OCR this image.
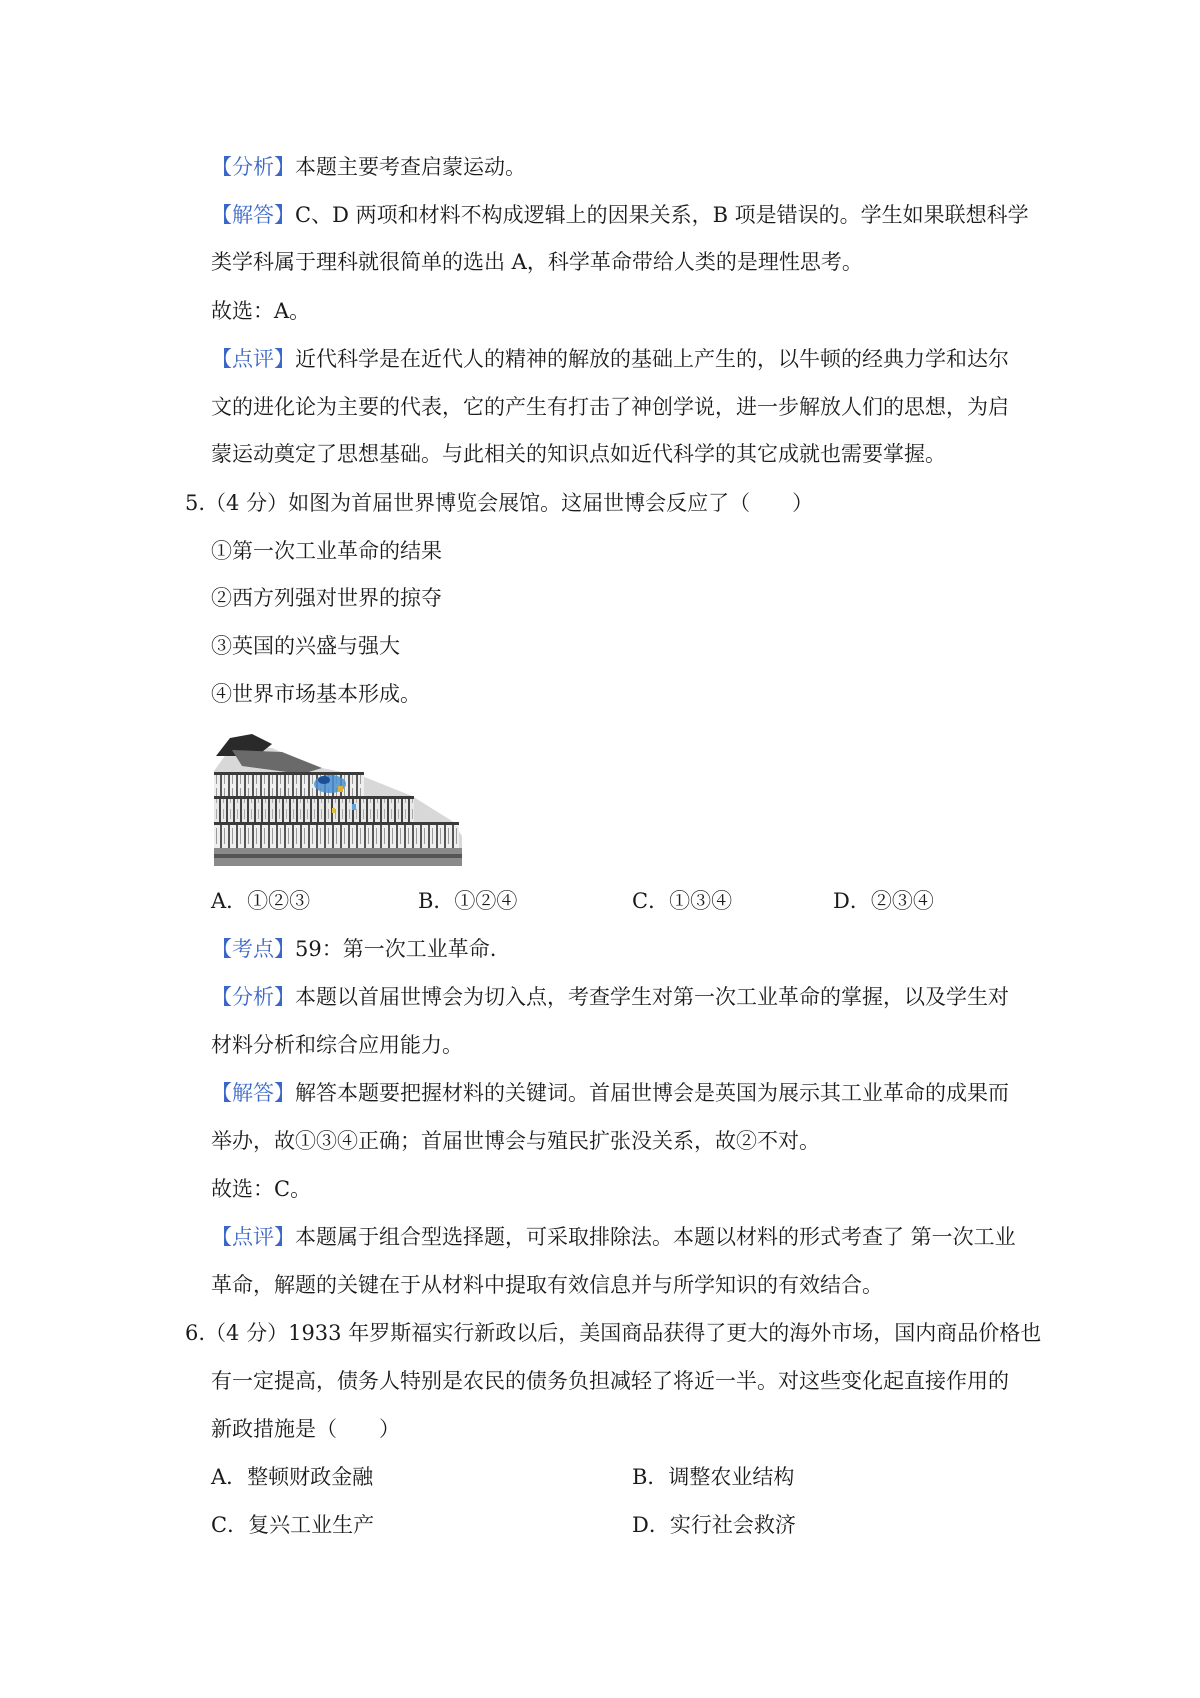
【分析】本题主要考查启蒙运动。
【解答】C、D 两项和材料不构成逻辑上的因果关系，B 项是错误的。学生如果联想科学
类学科属于理科就很简单的选出 A，科学革命带给人类的是理性思考。
故选：A。
【点评】近代科学是在近代人的精神的解放的基础上产生的，以牛顿的经典力学和达尔
文的进化论为主要的代表，它的产生有打击了神创学说，进一步解放人们的思想，为启
蒙运动奠定了思想基础。与此相关的知识点如近代科学的其它成就也需要掌握。
5.（4 分）如图为首届世界博览会展馆。这届世博会反应了（　　）
①第一次工业革命的结果
②西方列强对世界的掠夺
③英国的兴盛与强大
④世界市场基本形成。
A．①②③	B．①②④	C．①③④	D．②③④
【考点】59：第一次工业革命.
【分析】本题以首届世博会为切入点，考查学生对第一次工业革命的掌握，以及学生对
材料分析和综合应用能力。
【解答】解答本题要把握材料的关键词。首届世博会是英国为展示其工业革命的成果而
举办，故①③④正确；首届世博会与殖民扩张没关系，故②不对。
故选：C。
【点评】本题属于组合型选择题，可采取排除法。本题以材料的形式考查了 第一次工业
革命，解题的关键在于从材料中提取有效信息并与所学知识的有效结合。
6.（4 分）1933 年罗斯福实行新政以后，美国商品获得了更大的海外市场，国内商品价格也
有一定提高，债务人特别是农民的债务负担减轻了将近一半。对这些变化起直接作用的
新政措施是（　　）
A．整顿财政金融	B．调整农业结构
C．复兴工业生产	D．实行社会救济
